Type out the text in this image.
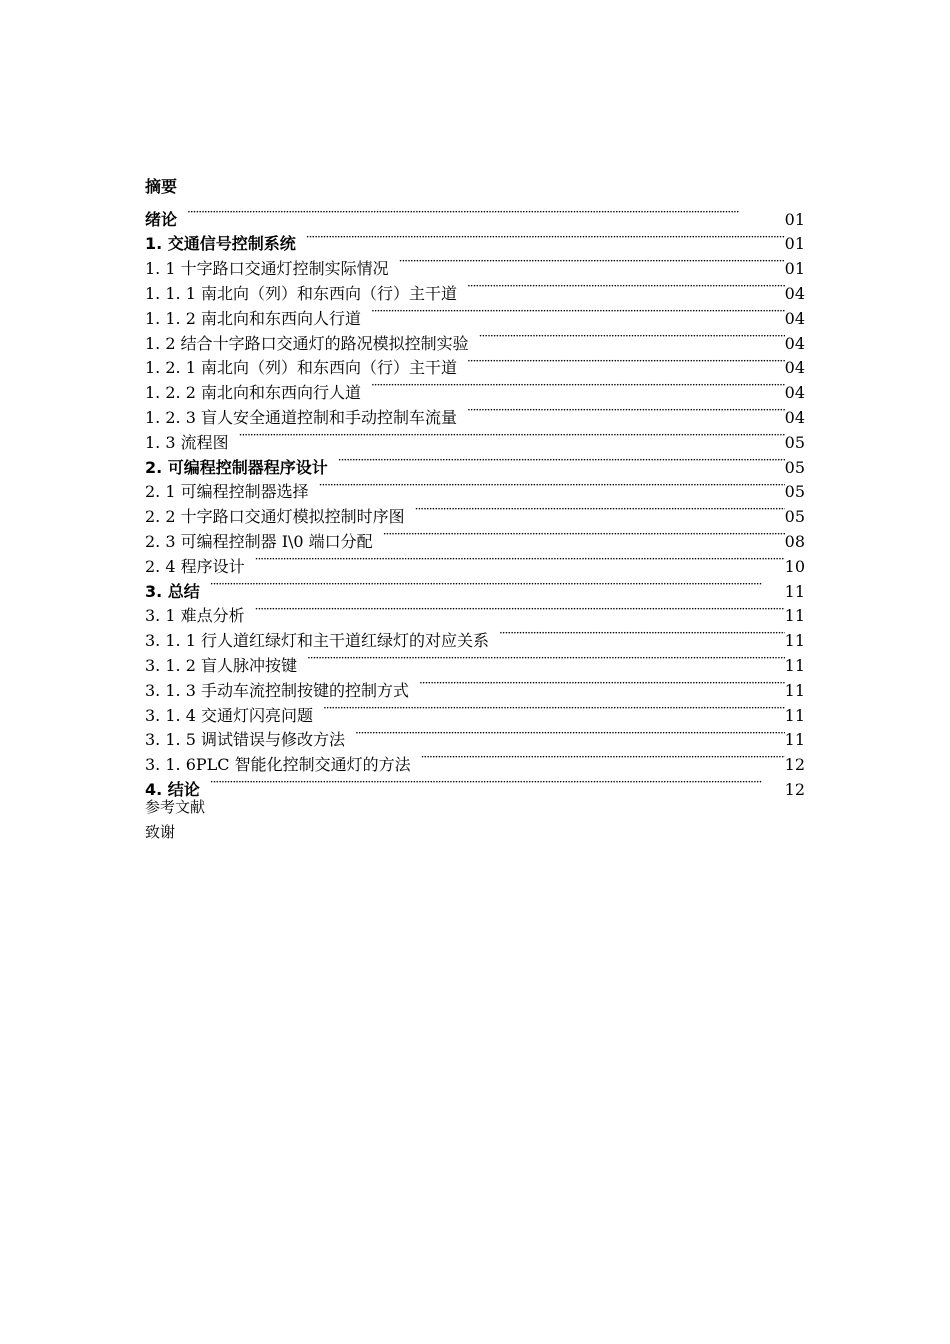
摘要
绪论 ·····	01
1. 交通信号控制系统 ·····	01
1. 1 十字路口交通灯控制实际情况 ·····	01
1. 1. 1 南北向（列）和东西向（行）主干道 ·····	04
1. 1. 2 南北向和东西向人行道 ·····	04
1. 2 结合十字路口交通灯的路况模拟控制实验 ·····	04
1. 2. 1 南北向（列）和东西向（行）主干道 ·····	04
1. 2. 2 南北向和东西向行人道 ·····	04
1. 2. 3 盲人安全通道控制和手动控制车流量 ·····	04
1. 3 流程图 ·····	05
2. 可编程控制器程序设计 ·····	05
2. 1 可编程控制器选择 ·····	05
2. 2 十字路口交通灯模拟控制时序图 ·····	05
2. 3 可编程控制器 I\0 端口分配 ·····	08
2. 4 程序设计 ·····	10
3. 总结 ·····	11
3. 1 难点分析 ·····	11
3. 1. 1 行人道红绿灯和主干道红绿灯的对应关系 ·····	11
3. 1. 2 盲人脉冲按键 ·····	11
3. 1. 3 手动车流控制按键的控制方式 ·····	11
3. 1. 4 交通灯闪亮问题 ·····	11
3. 1. 5 调试错误与修改方法 ·····	11
3. 1. 6PLC 智能化控制交通灯的方法 ·····	12
4. 结论 ·····	12
参考文献
致谢
